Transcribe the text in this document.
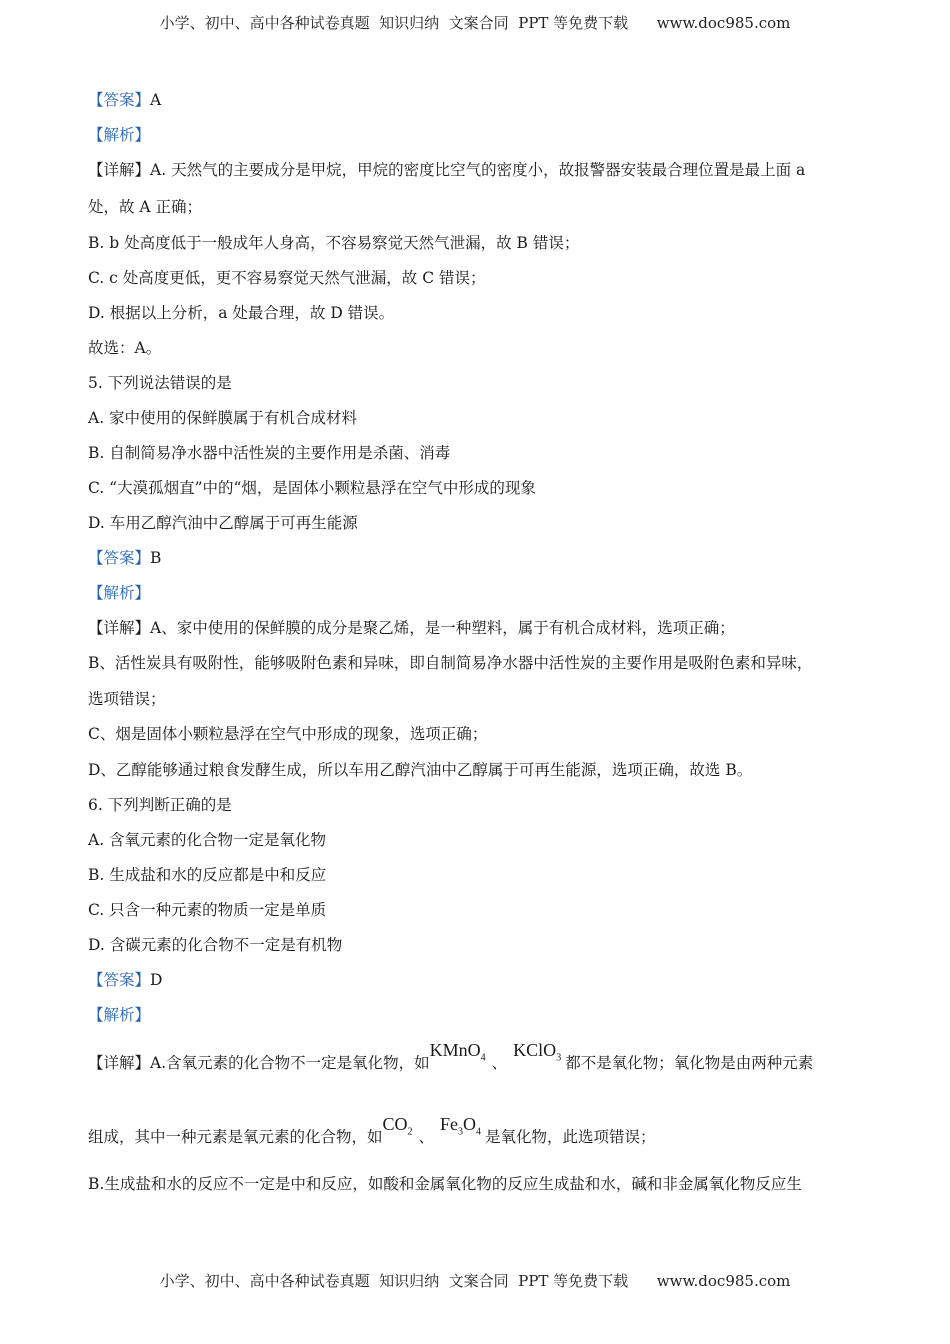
小学、初中、高中各种试卷真题  知识归纳  文案合同  PPT 等免费下载      www.doc985.com
【答案】A
【解析】
【详解】A. 天然气的主要成分是甲烷，甲烷的密度比空气的密度小，故报警器安装最合理位置是最上面 a
处，故 A 正确；
B. b 处高度低于一般成年人身高，不容易察觉天然气泄漏，故 B 错误；
C. c 处高度更低，更不容易察觉天然气泄漏，故 C 错误；
D. 根据以上分析，a 处最合理，故 D 错误。
故选：A。
5. 下列说法错误的是
A. 家中使用的保鲜膜属于有机合成材料
B. 自制简易净水器中活性炭的主要作用是杀菌、消毒
C. “大漠孤烟直”中的“烟，是固体小颗粒悬浮在空气中形成的现象
D. 车用乙醇汽油中乙醇属于可再生能源
【答案】B
【解析】
【详解】A、家中使用的保鲜膜的成分是聚乙烯，是一种塑料，属于有机合成材料，选项正确；
B、活性炭具有吸附性，能够吸附色素和异味，即自制简易净水器中活性炭的主要作用是吸附色素和异味，
选项错误；
C、烟是固体小颗粒悬浮在空气中形成的现象，选项正确；
D、乙醇能够通过粮食发酵生成，所以车用乙醇汽油中乙醇属于可再生能源，选项正确，故选 B。
6. 下列判断正确的是
A. 含氧元素的化合物一定是氧化物
B. 生成盐和水的反应都是中和反应
C. 只含一种元素的物质一定是单质
D. 含碳元素的化合物不一定是有机物
【答案】D
【解析】
【详解】A.含氧元素的化合物不一定是氧化物，如KMnO$_4$ 、KClO$_3$ 都不是氧化物；氧化物是由两种元素
组成，其中一种元素是氧元素的化合物，如$CO_2$ 、$Fe_3O_4$ 是氧化物，此选项错误；
B.生成盐和水的反应不一定是中和反应，如酸和金属氧化物的反应生成盐和水，碱和非金属氧化物反应生
小学、初中、高中各种试卷真题  知识归纳  文案合同  PPT 等免费下载      www.doc985.com
